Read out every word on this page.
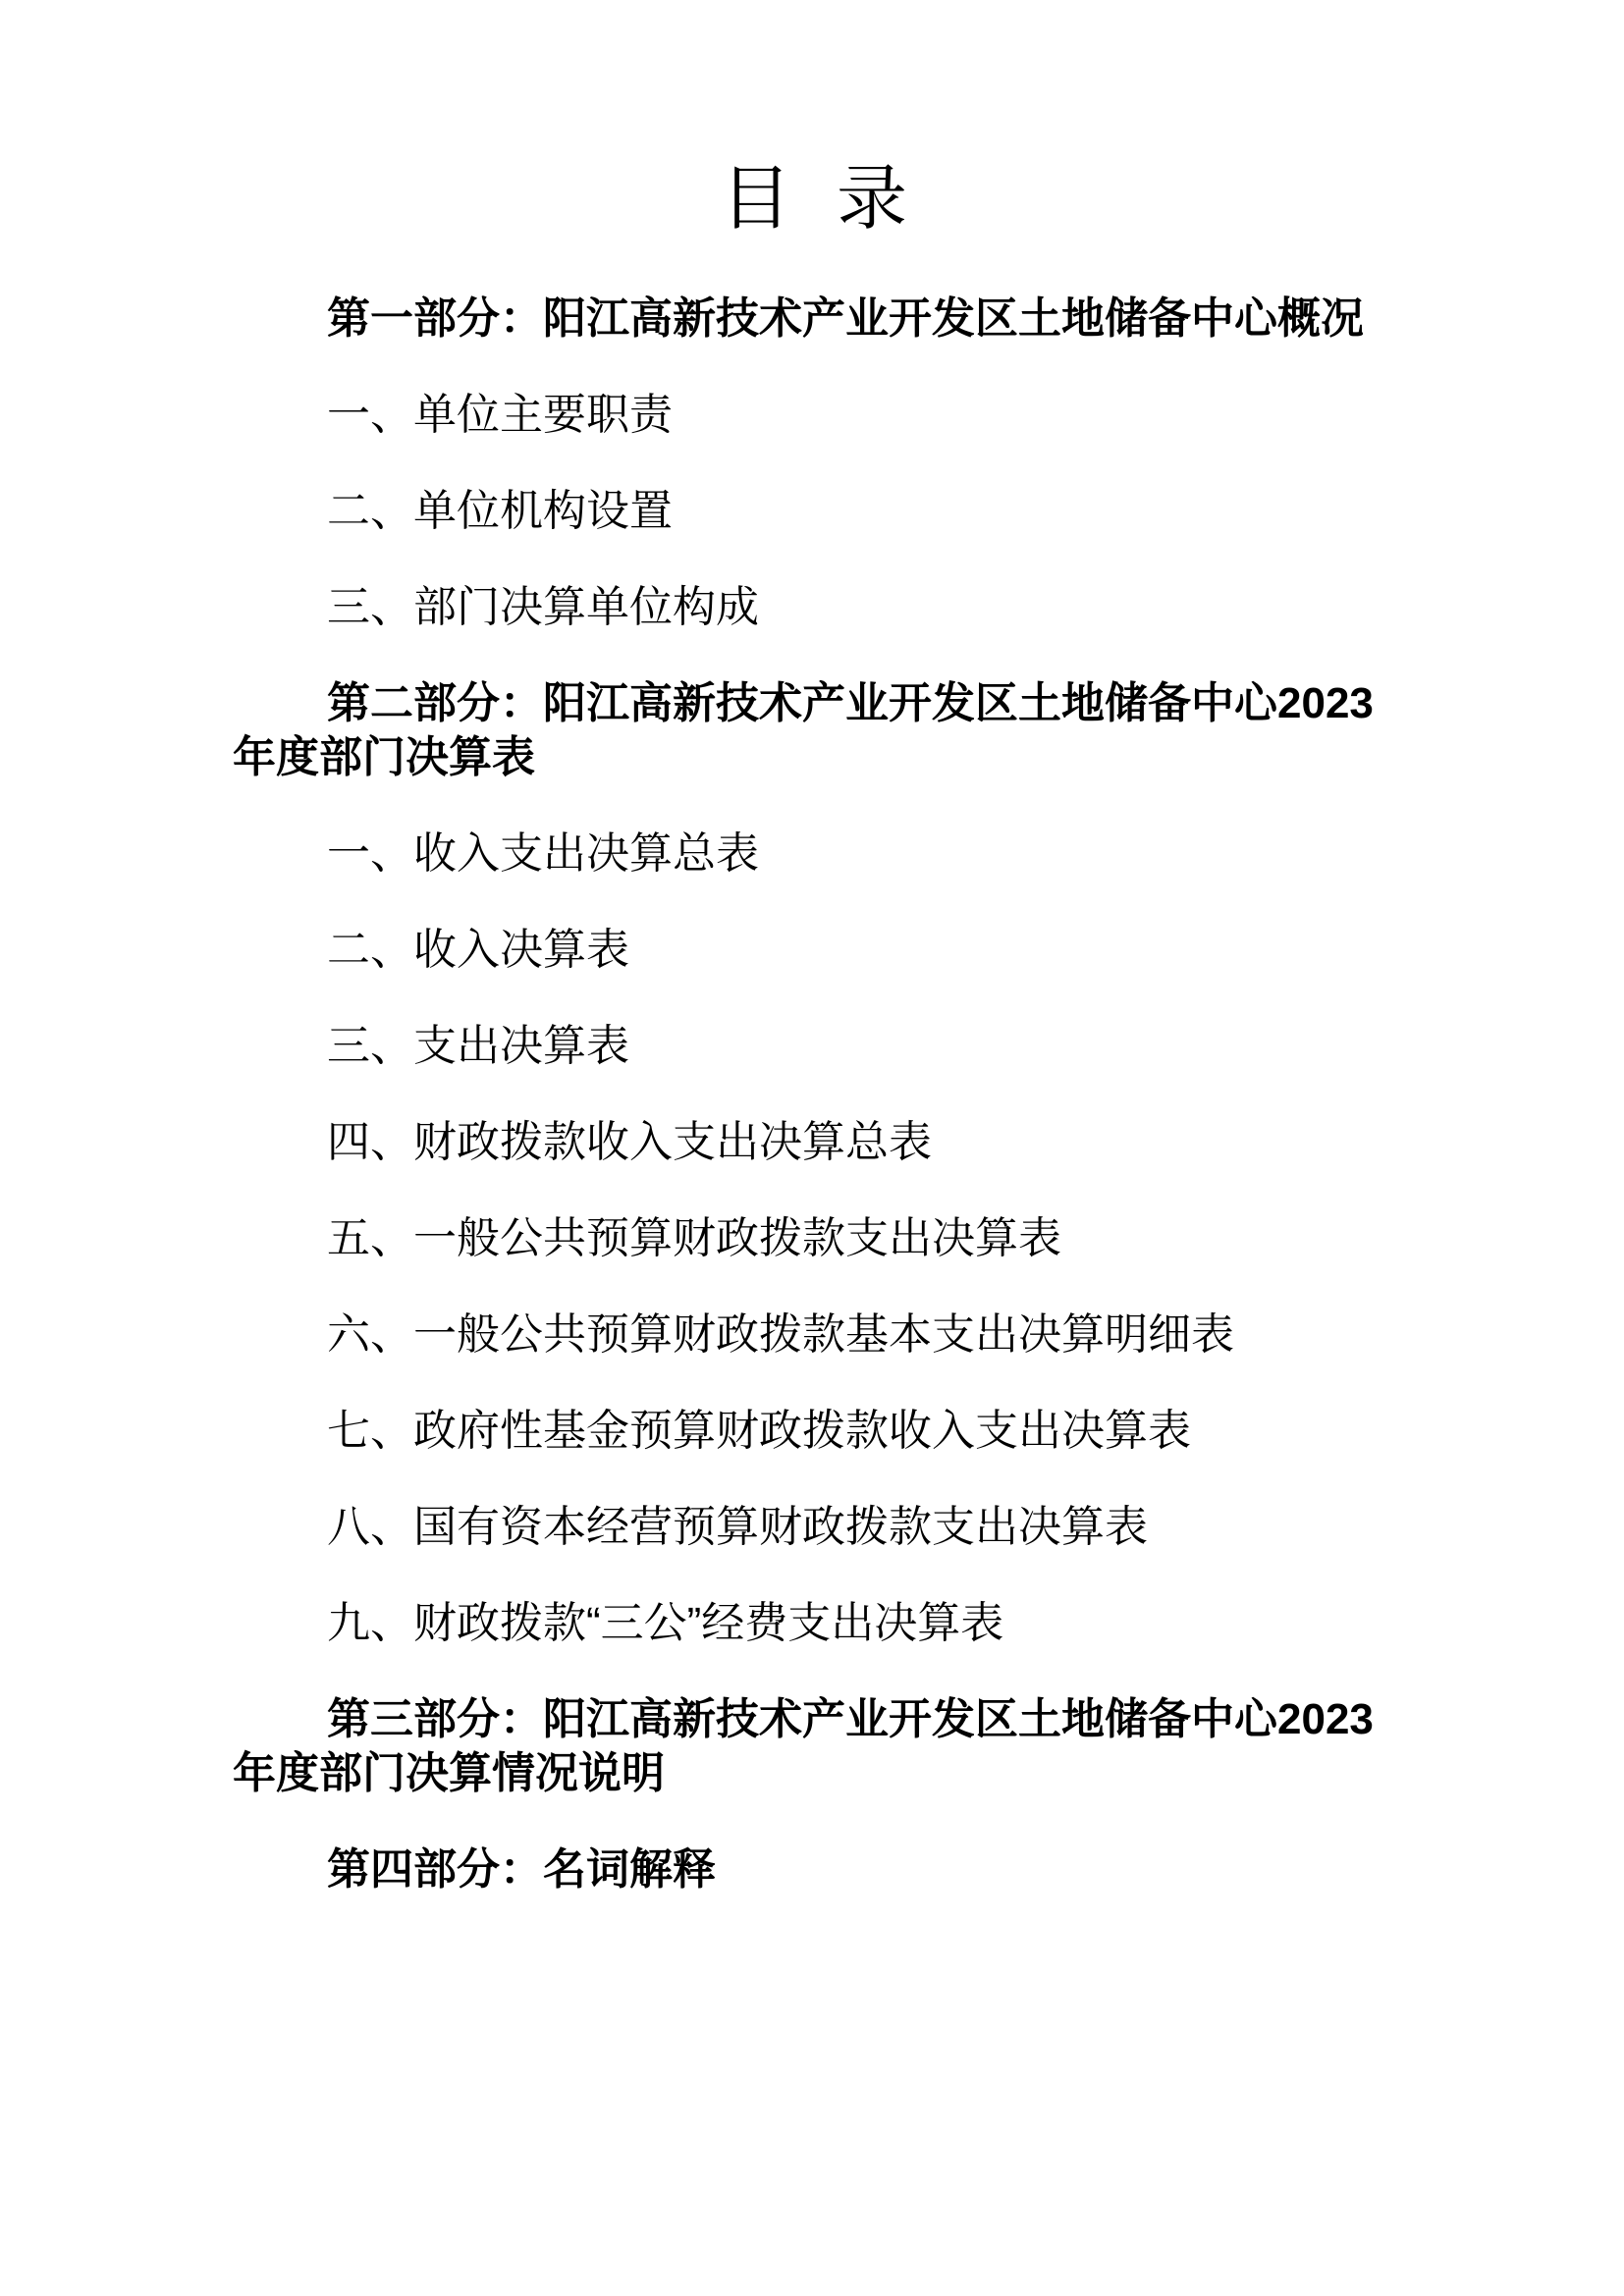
目  录

第一部分：阳江高新技术产业开发区土地储备中心概况

一、单位主要职责

二、单位机构设置

三、部门决算单位构成

第二部分：阳江高新技术产业开发区土地储备中心2023年度部门决算表

一、收入支出决算总表

二、收入决算表

三、支出决算表

四、财政拨款收入支出决算总表

五、一般公共预算财政拨款支出决算表

六、一般公共预算财政拨款基本支出决算明细表

七、政府性基金预算财政拨款收入支出决算表

八、国有资本经营预算财政拨款支出决算表

九、财政拨款“三公”经费支出决算表

第三部分：阳江高新技术产业开发区土地储备中心2023年度部门决算情况说明

第四部分：名词解释
